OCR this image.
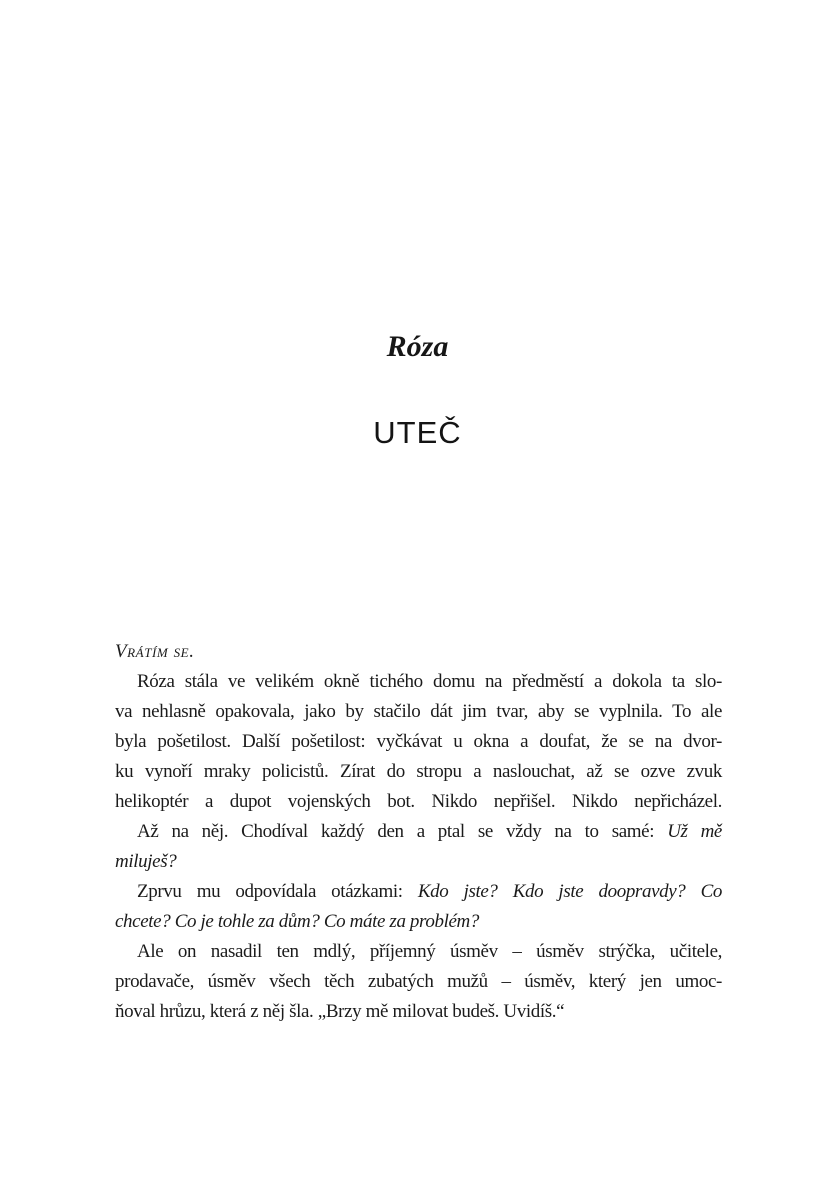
Róza
UTEČ
Vrátím se.
Róza stála ve velikém okně tichého domu na předměstí a dokola ta slo-
va nehlasně opakovala, jako by stačilo dát jim tvar, aby se vyplnila. To ale
byla pošetilost. Další pošetilost: vyčkávat u okna a doufat, že se na dvor-
ku vynoří mraky policistů. Zírat do stropu a naslouchat, až se ozve zvuk
helikoptér a dupot vojenských bot. Nikdo nepřišel. Nikdo nepřicházel.
Až na něj. Chodíval každý den a ptal se vždy na to samé: Už mě
miluješ?
Zprvu mu odpovídala otázkami: Kdo jste? Kdo jste doopravdy? Co
chcete? Co je tohle za dům? Co máte za problém?
Ale on nasadil ten mdlý, příjemný úsměv – úsměv strýčka, učitele,
prodavače, úsměv všech těch zubatých mužů – úsměv, který jen umoc-
ňoval hrůzu, která z něj šla. „Brzy mě milovat budeš. Uvidíš.“
